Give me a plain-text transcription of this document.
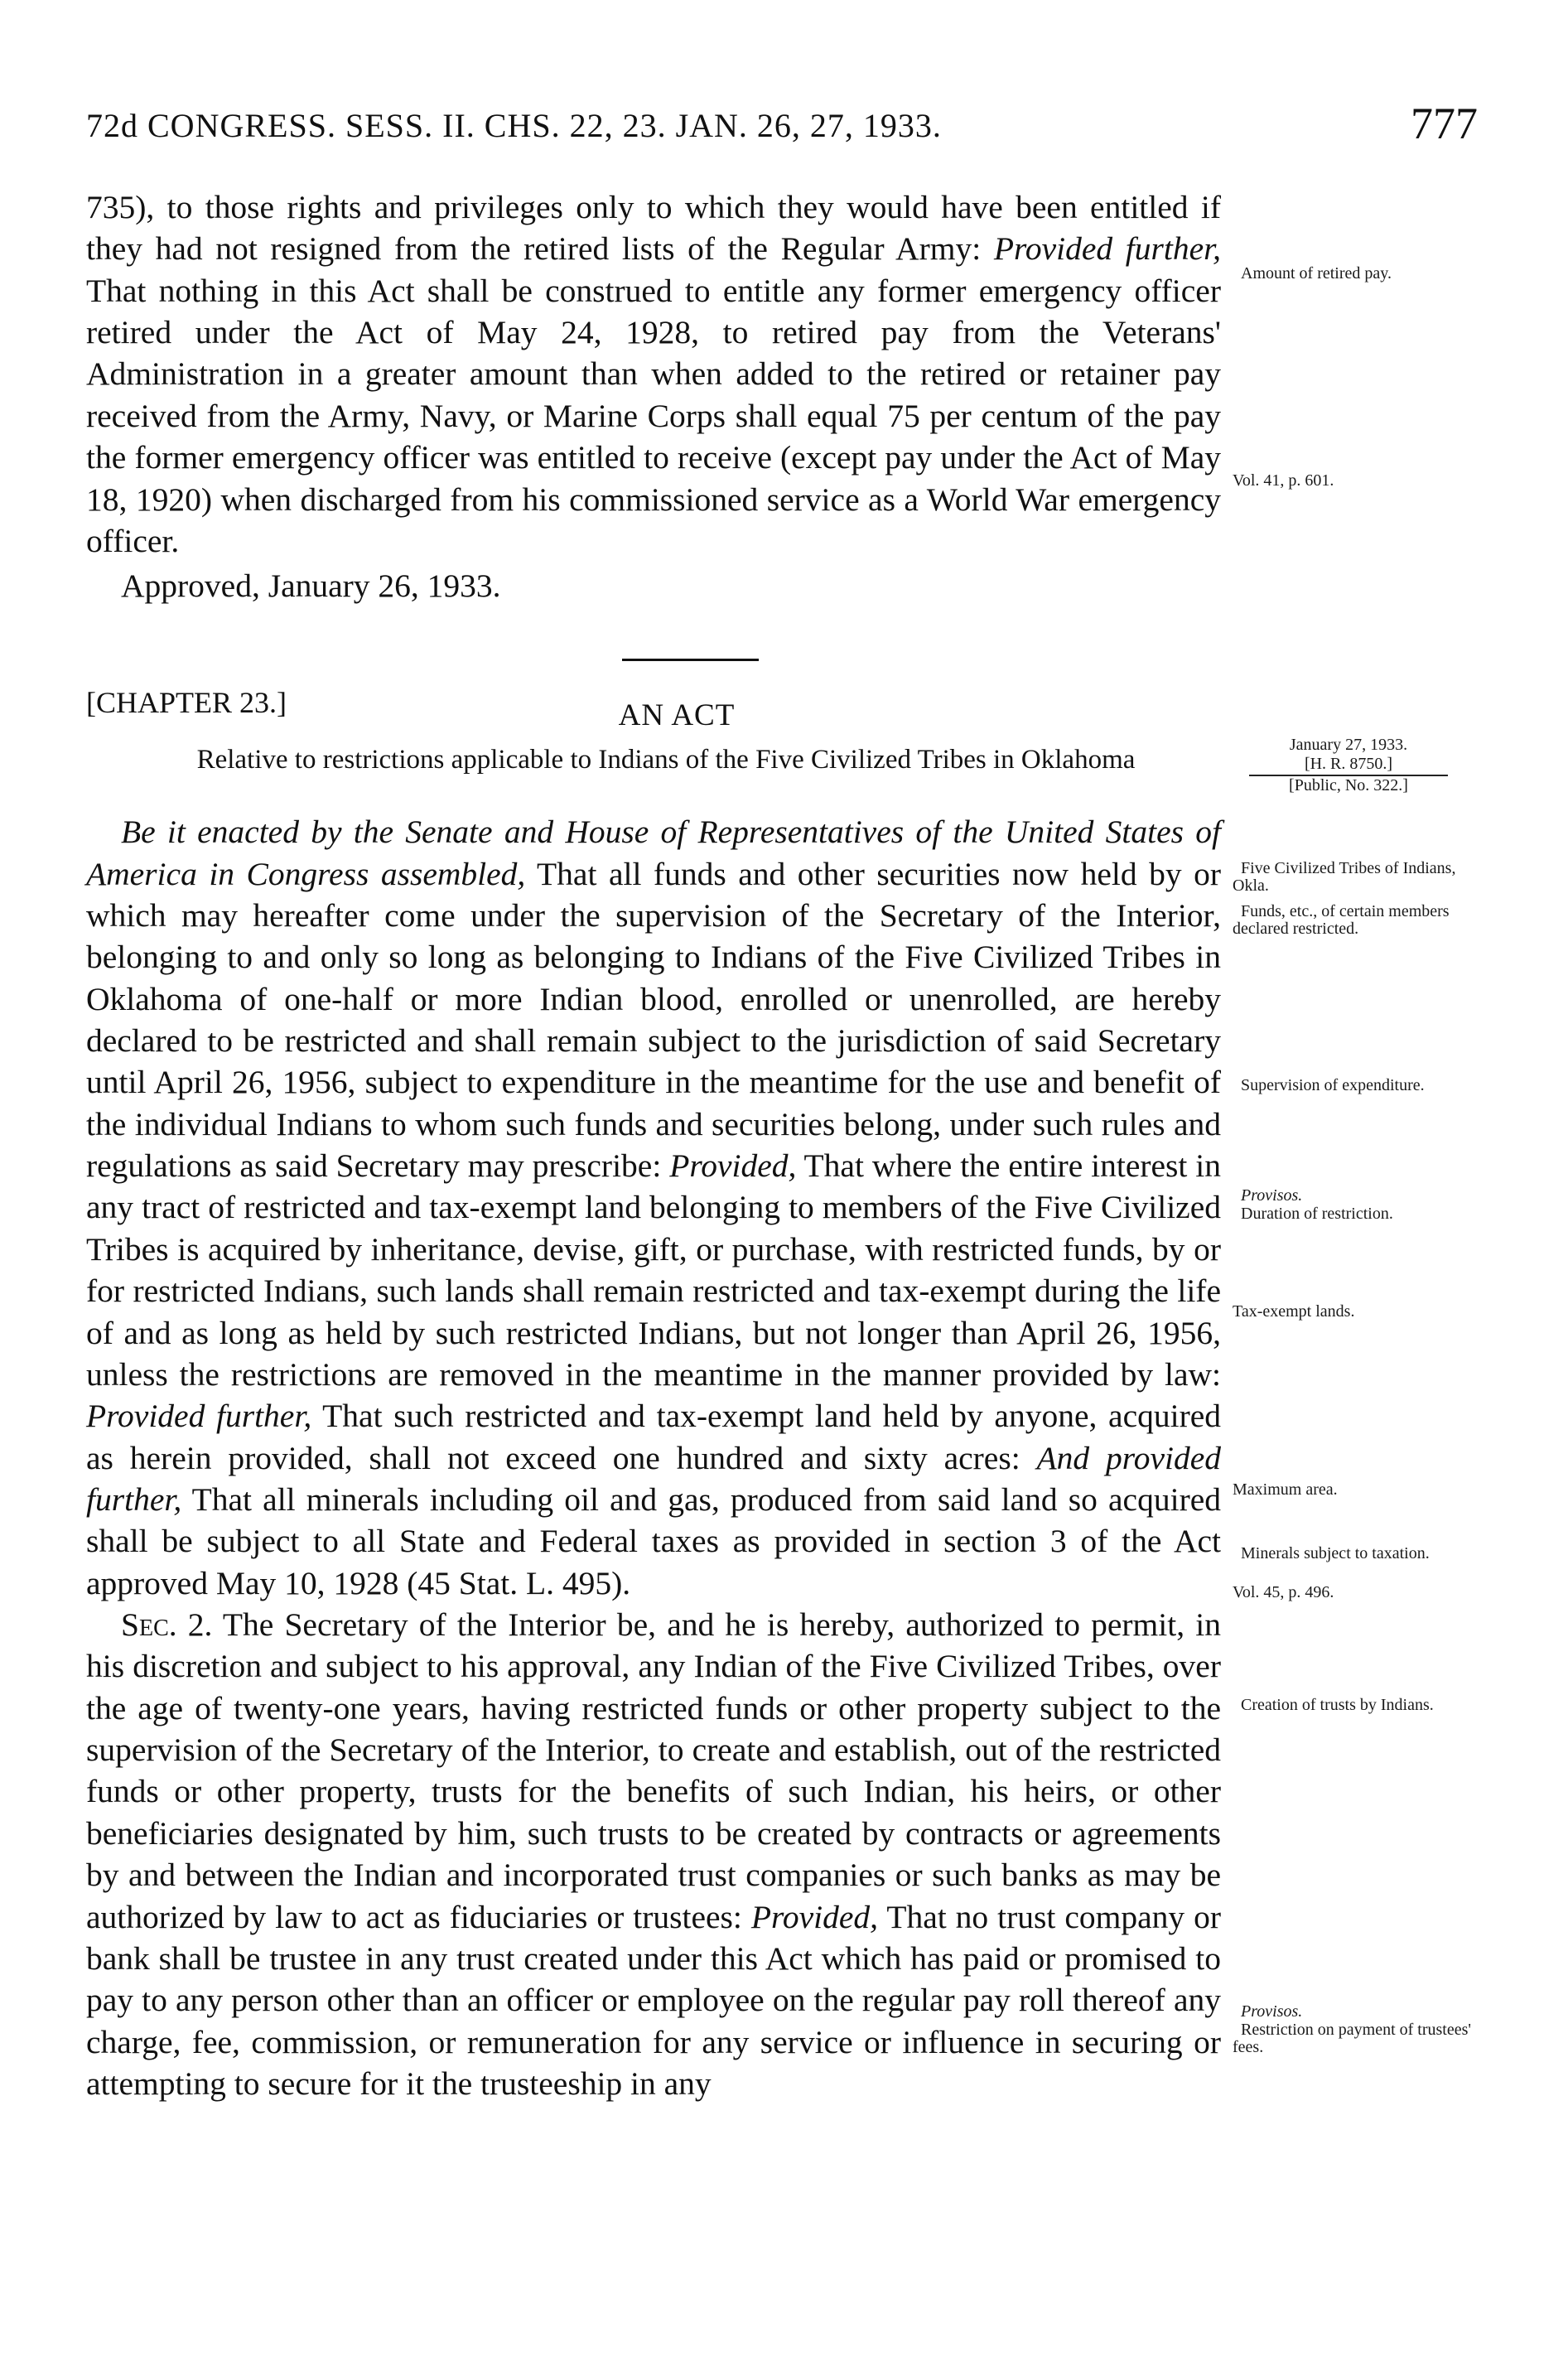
72d CONGRESS. SESS. II. CHS. 22, 23. JAN. 26, 27, 1933.	777

735), to those rights and privileges only to which they would have been entitled if they had not resigned from the retired lists of the Regular Army: Provided further, That nothing in this Act shall be construed to entitle any former emergency officer retired under the Act of May 24, 1928, to retired pay from the Veterans' Administration in a greater amount than when added to the retired or retainer pay received from the Army, Navy, or Marine Corps shall equal 75 per centum of the pay the former emergency officer was entitled to receive (except pay under the Act of May 18, 1920) when discharged from his commissioned service as a World War emergency officer.

Approved, January 26, 1933.

[CHAPTER 23.]	AN ACT

Relative to restrictions applicable to Indians of the Five Civilized Tribes in Oklahoma

Be it enacted by the Senate and House of Representatives of the United States of America in Congress assembled, That all funds and other securities now held by or which may hereafter come under the supervision of the Secretary of the Interior, belonging to and only so long as belonging to Indians of the Five Civilized Tribes in Oklahoma of one-half or more Indian blood, enrolled or unenrolled, are hereby declared to be restricted and shall remain subject to the jurisdiction of said Secretary until April 26, 1956, subject to expenditure in the meantime for the use and benefit of the individual Indians to whom such funds and securities belong, under such rules and regulations as said Secretary may prescribe: Provided, That where the entire interest in any tract of restricted and tax-exempt land belonging to members of the Five Civilized Tribes is acquired by inheritance, devise, gift, or purchase, with restricted funds, by or for restricted Indians, such lands shall remain restricted and tax-exempt during the life of and as long as held by such restricted Indians, but not longer than April 26, 1956, unless the restrictions are removed in the meantime in the manner provided by law: Provided further, That such restricted and tax-exempt land held by anyone, acquired as herein provided, shall not exceed one hundred and sixty acres: And provided further, That all minerals including oil and gas, produced from said land so acquired shall be subject to all State and Federal taxes as provided in section 3 of the Act approved May 10, 1928 (45 Stat. L. 495).

Sec. 2. The Secretary of the Interior be, and he is hereby, authorized to permit, in his discretion and subject to his approval, any Indian of the Five Civilized Tribes, over the age of twenty-one years, having restricted funds or other property subject to the supervision of the Secretary of the Interior, to create and establish, out of the restricted funds or other property, trusts for the benefits of such Indian, his heirs, or other beneficiaries designated by him, such trusts to be created by contracts or agreements by and between the Indian and incorporated trust companies or such banks as may be authorized by law to act as fiduciaries or trustees: Provided, That no trust company or bank shall be trustee in any trust created under this Act which has paid or promised to pay to any person other than an officer or employee on the regular pay roll thereof any charge, fee, commission, or remuneration for any service or influence in securing or attempting to secure for it the trusteeship in any

Amount of retired pay.
Vol. 41, p. 601.
January 27, 1933.

[H. R. 8750.]
[Public, No. 322.]
Five Civilized Tribes of Indians, Okla.
Funds, etc., of certain members declared restricted.
Supervision of expenditure.
Provisos.
Duration of restriction.
Tax-exempt lands.
Maximum area.
Minerals subject to taxation.
Vol. 45, p. 496.
Creation of trusts by Indians.
Provisos.
Restriction on payment of trustees' fees.
